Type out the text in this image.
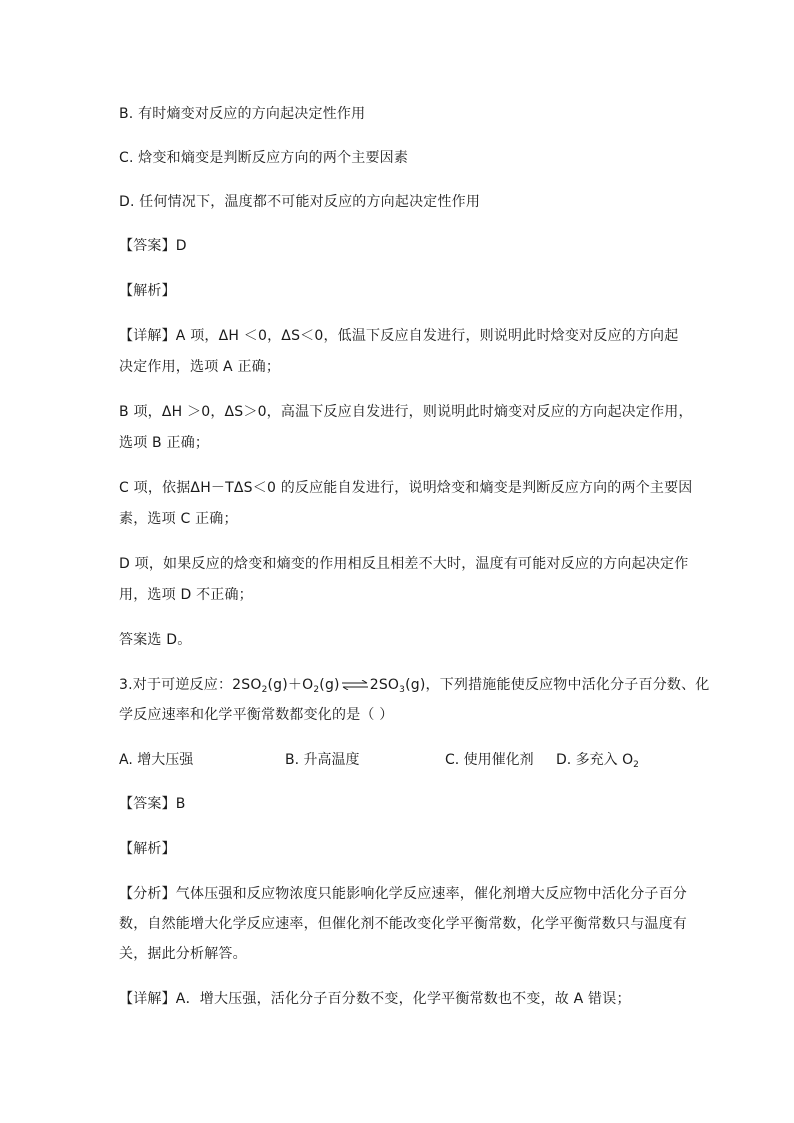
B. 有时熵变对反应的方向起决定性作用
C. 焓变和熵变是判断反应方向的两个主要因素
D. 任何情况下，温度都不可能对反应的方向起决定性作用
【答案】D
【解析】
【详解】A 项，ΔH ＜0，ΔS＜0，低温下反应自发进行，则说明此时焓变对反应的方向起
决定作用，选项 A 正确；
B 项，ΔH ＞0，ΔS＞0，高温下反应自发进行，则说明此时熵变对反应的方向起决定作用，
选项 B 正确；
C 项，依据ΔH－TΔS＜0 的反应能自发进行，说明焓变和熵变是判断反应方向的两个主要因
素，选项 C 正确；
D 项，如果反应的焓变和熵变的作用相反且相差不大时，温度有可能对反应的方向起决定作
用，选项 D 不正确；
答案选 D。
3.对于可逆反应：$2SO_2(g)+O_2(g)\rightleftharpoons 2SO_3(g)$，下列措施能使反应物中活化分子百分数、化
学反应速率和化学平衡常数都变化的是（ ）
A. 增大压强	B. 升高温度	C. 使用催化剂 D. 多充入 $O_2$
【答案】B
【解析】
【分析】气体压强和反应物浓度只能影响化学反应速率，催化剂增大反应物中活化分子百分
数，自然能增大化学反应速率，但催化剂不能改变化学平衡常数，化学平衡常数只与温度有
关，据此分析解答。
【详解】A．增大压强，活化分子百分数不变，化学平衡常数也不变，故 A 错误；
